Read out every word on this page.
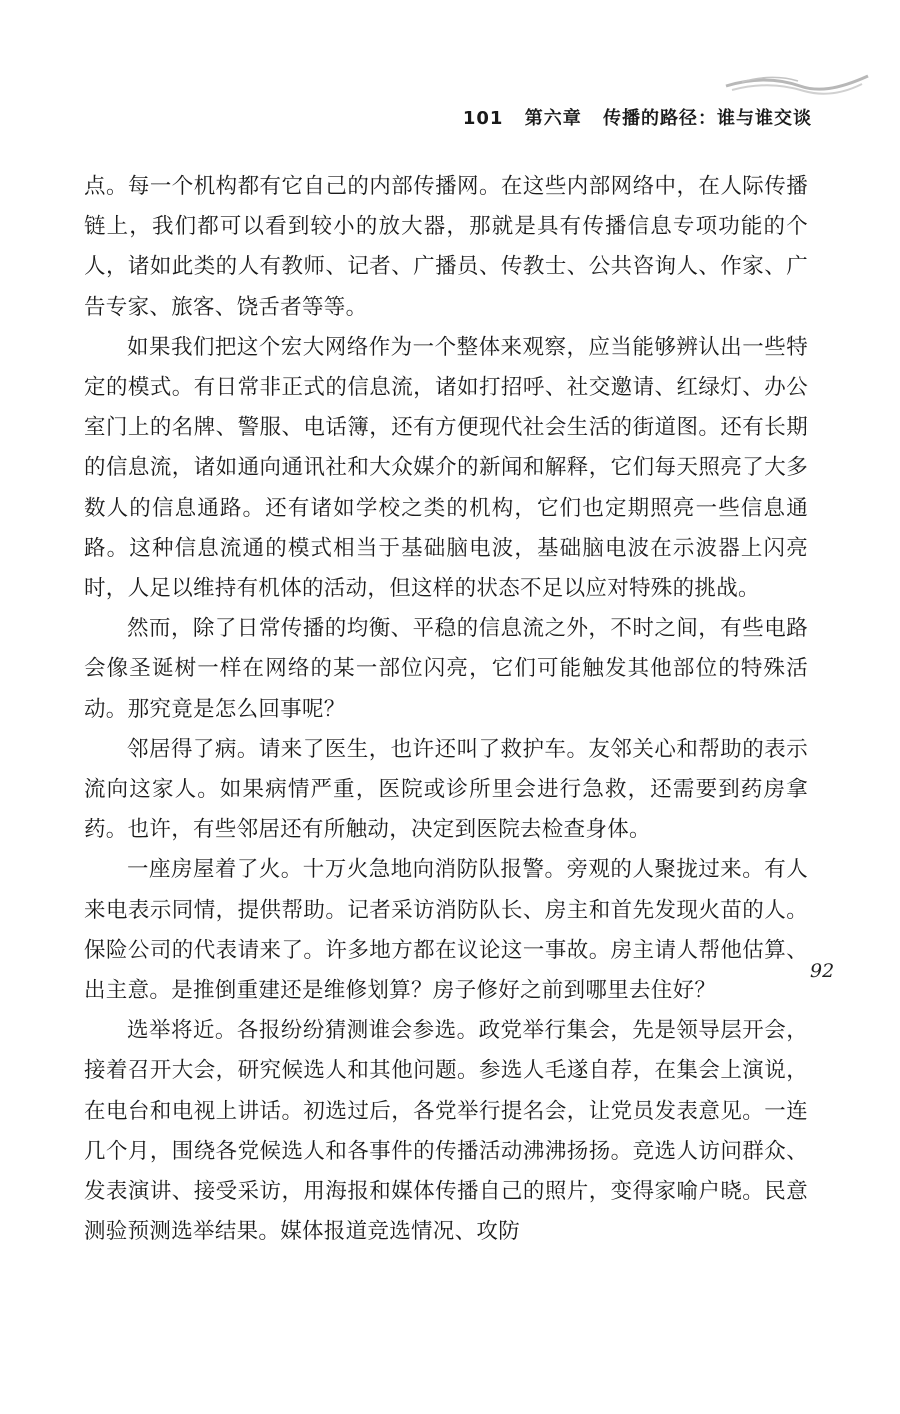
101 第六章 传播的路径：谁与谁交谈

点。每一个机构都有它自己的内部传播网。在这些内部网络中，在人际传播链上，我们都可以看到较小的放大器，那就是具有传播信息专项功能的个人，诸如此类的人有教师、记者、广播员、传教士、公共咨询人、作家、广告专家、旅客、饶舌者等等。

如果我们把这个宏大网络作为一个整体来观察，应当能够辨认出一些特定的模式。有日常非正式的信息流，诸如打招呼、社交邀请、红绿灯、办公室门上的名牌、警服、电话簿，还有方便现代社会生活的街道图。还有长期的信息流，诸如通向通讯社和大众媒介的新闻和解释，它们每天照亮了大多数人的信息通路。还有诸如学校之类的机构，它们也定期照亮一些信息通路。这种信息流通的模式相当于基础脑电波，基础脑电波在示波器上闪亮时，人足以维持有机体的活动，但这样的状态不足以应对特殊的挑战。

然而，除了日常传播的均衡、平稳的信息流之外，不时之间，有些电路会像圣诞树一样在网络的某一部位闪亮，它们可能触发其他部位的特殊活动。那究竟是怎么回事呢？

邻居得了病。请来了医生，也许还叫了救护车。友邻关心和帮助的表示流向这家人。如果病情严重，医院或诊所里会进行急救，还需要到药房拿药。也许，有些邻居还有所触动，决定到医院去检查身体。

一座房屋着了火。十万火急地向消防队报警。旁观的人聚拢过来。有人来电表示同情，提供帮助。记者采访消防队长、房主和首先发现火苗的人。保险公司的代表请来了。许多地方都在议论这一事故。房主请人帮他估算、出主意。是推倒重建还是维修划算？房子修好之前到哪里去住好？

选举将近。各报纷纷猜测谁会参选。政党举行集会，先是领导层开会，接着召开大会，研究候选人和其他问题。参选人毛遂自荐，在集会上演说，在电台和电视上讲话。初选过后，各党举行提名会，让党员发表意见。一连几个月，围绕各党候选人和各事件的传播活动沸沸扬扬。竞选人访问群众、发表演讲、接受采访，用海报和媒体传播自己的照片，变得家喻户晓。民意测验预测选举结果。媒体报道竞选情况、攻防

92
